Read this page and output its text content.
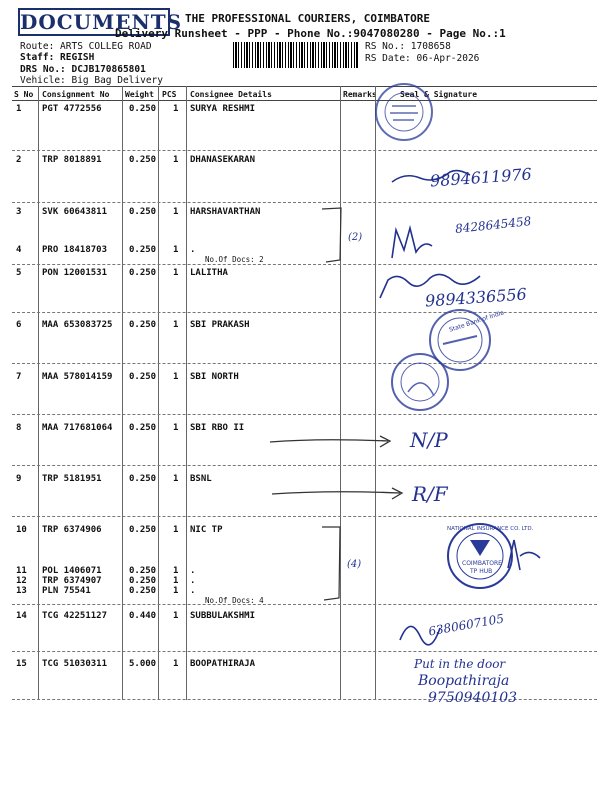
DOCUMENTS THE PROFESSIONAL COURIERS, COIMBATORE
Delivery Runsheet - PPP - Phone No.:9047080280 - Page No.:1
Route: ARTS COLLEG ROAD
Staff: REGISH
DRS No.: DCJB170865801
Vehicle: Big Bag Delivery
RS No.: 1708658
RS Date: 06-Apr-2026
S No Consignment No Weight PCS Consignee Details	Remarks	Seal & Signature
1 PGT 4772556	0.250 1 SURYA RESHMI
2 TRP 8018891	0.250 1 DHANASEKARAN
3 SVK 60643811 0.250 1 HARSHAVARTHAN
4 PRO 18418703 0.250 1 .
No.Of Docs: 2
5 PON 12001531 0.250 1 LALITHA
6 MAA 653083725 0.250 1 SBI PRAKASH
7 MAA 578014159 0.250 1 SBI NORTH
8 MAA 717681064 0.250 1 SBI RBO II
9 TRP 5181951	0.250 1 BSNL
10 TRP 6374906	0.250 1 NIC TP
11 POL 1406071	0.250 1 .
12 TRP 6374907	0.250 1 .
13 PLN 75541	0.250 1 .
No.Of Docs: 4
14 TCG 42251127 0.440 1 SUBBULAKSHMI
15 TCG 51030311 5.000 1 BOOPATHIRAJA
State Bank of India
NATIONAL INSURANCE CO. LTD.
COIMBATORE
TP HUB
9894611976
(2)
8428645458
9894336556
N/P
R/F
(4)
6380607105
Put in the door
Boopathiraja
9750940103
